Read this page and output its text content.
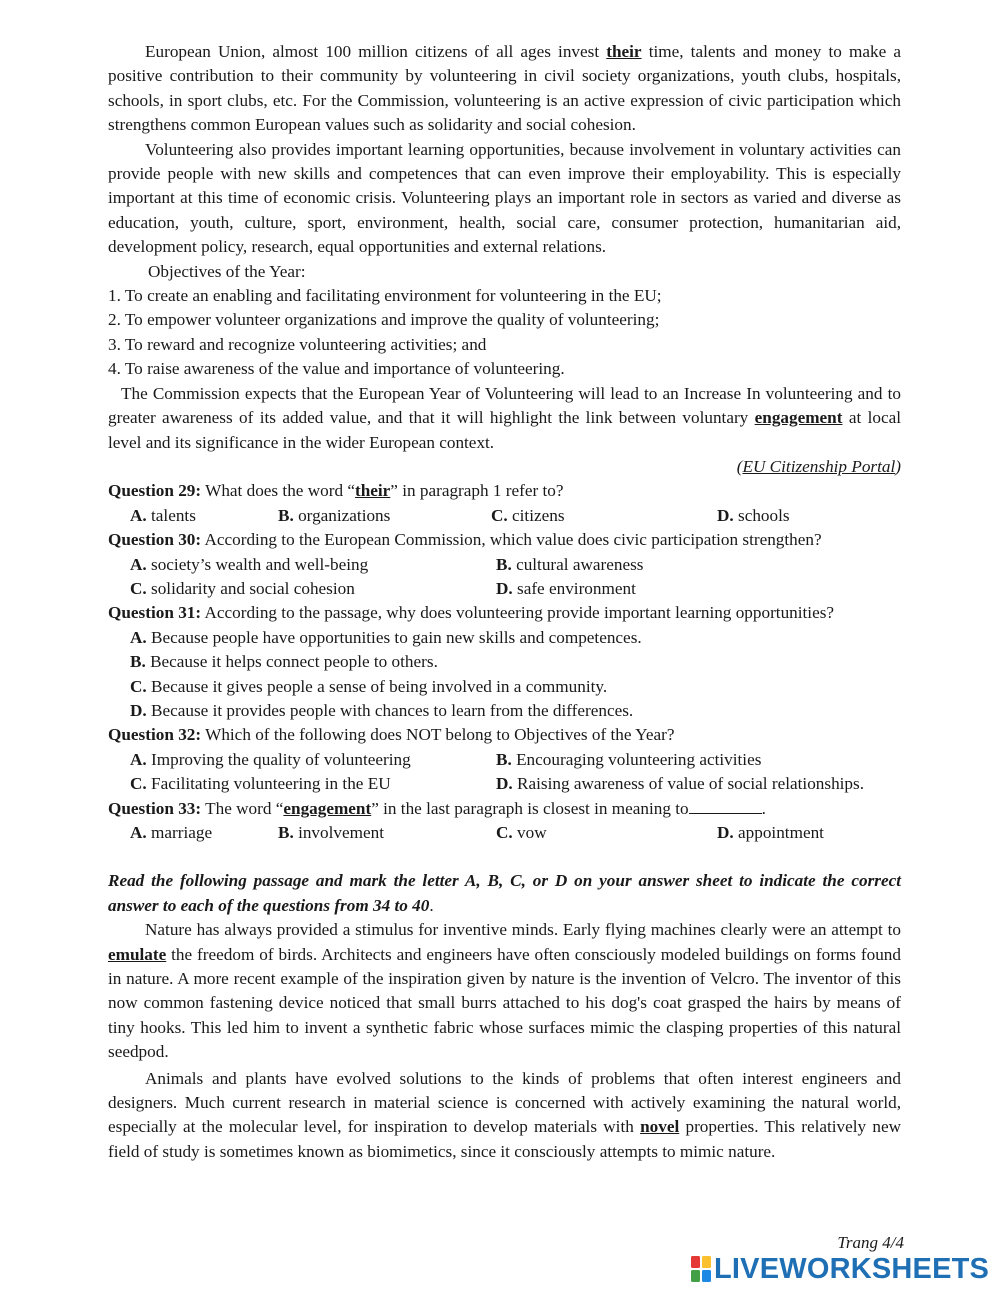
European Union, almost 100 million citizens of all ages invest their time, talents and money to make a positive contribution to their community by volunteering in civil society organizations, youth clubs, hospitals, schools, in sport clubs, etc. For the Commission, volunteering is an active expression of civic participation which strengthens common European values such as solidarity and social cohesion.

Volunteering also provides important learning opportunities, because involvement in voluntary activities can provide people with new skills and competences that can even improve their employability. This is especially important at this time of economic crisis. Volunteering plays an important role in sectors as varied and diverse as education, youth, culture, sport, environment, health, social care, consumer protection, humanitarian aid, development policy, research, equal opportunities and external relations.

Objectives of the Year:

1. To create an enabling and facilitating environment for volunteering in the EU;

2. To empower volunteer organizations and improve the quality of volunteering;

3. To reward and recognize volunteering activities; and

4. To raise awareness of the value and importance of volunteering.

The Commission expects that the European Year of Volunteering will lead to an Increase In volunteering and to greater awareness of its added value, and that it will highlight the link between voluntary engagement at local level and its significance in the wider European context.

(EU Citizenship Portal)

Question 29: What does the word “their” in paragraph 1 refer to?

A. talents	B. organizations	C. citizens	D. schools

Question 30: According to the European Commission, which value does civic participation strengthen?

A. society’s wealth and well-being	B. cultural awareness
C. solidarity and social cohesion	D. safe environment

Question 31: According to the passage, why does volunteering provide important learning opportunities?

A. Because people have opportunities to gain new skills and competences.

B. Because it helps connect people to others.

C. Because it gives people a sense of being involved in a community.

D. Because it provides people with chances to learn from the differences.

Question 32: Which of the following does NOT belong to Objectives of the Year?

A. Improving the quality of volunteering	B. Encouraging volunteering activities
C. Facilitating volunteering in the EU	D. Raising awareness of value of social relationships.

Question 33: The word “engagement” in the last paragraph is closest in meaning to	.

A. marriage	B. involvement	C. vow	D. appointment

Read the following passage and mark the letter A, B, C, or D on your answer sheet to indicate the correct answer to each of the questions from 34 to 40.

Nature has always provided a stimulus for inventive minds. Early flying machines clearly were an attempt to emulate the freedom of birds. Architects and engineers have often consciously modeled buildings on forms found in nature. A more recent example of the inspiration given by nature is the invention of Velcro. The inventor of this now common fastening device noticed that small burrs attached to his dog's coat grasped the hairs by means of tiny hooks. This led him to invent a synthetic fabric whose surfaces mimic the clasping properties of this natural seedpod.

Animals and plants have evolved solutions to the kinds of problems that often interest engineers and designers. Much current research in material science is concerned with actively examining the natural world, especially at the molecular level, for inspiration to develop materials with novel properties. This relatively new field of study is sometimes known as biomimetics, since it consciously attempts to mimic nature.

Trang 4/4
LIVEWORKSHEETS
